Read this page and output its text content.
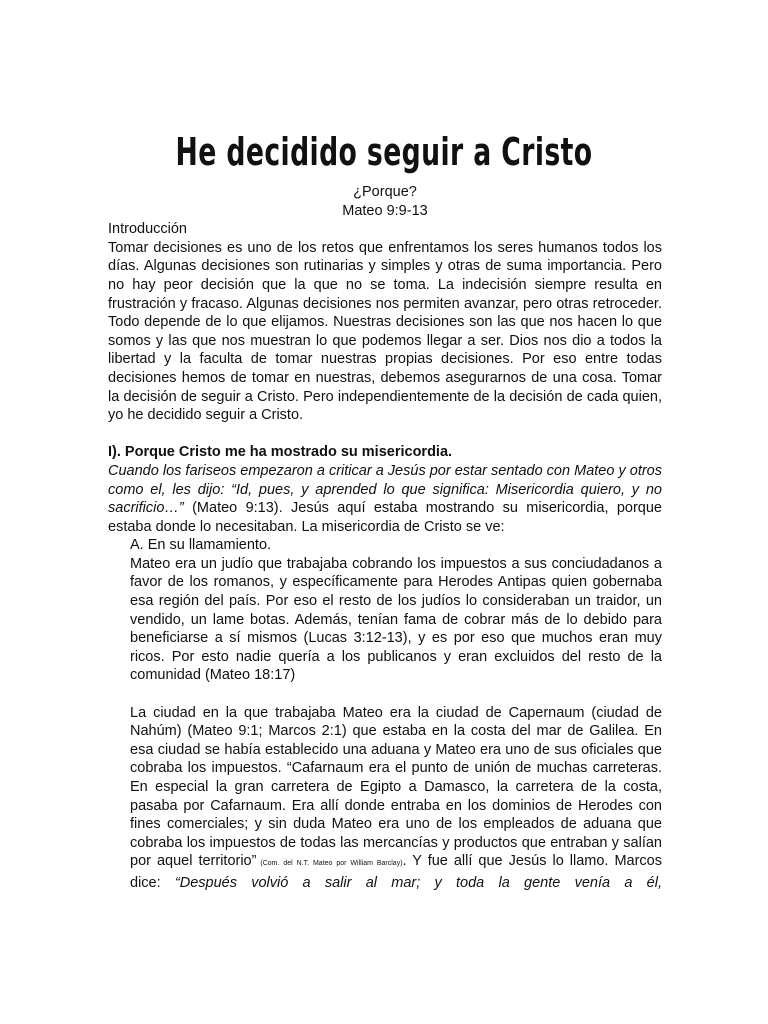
He decidido seguir a Cristo

¿Porque?

Mateo 9:9-13

Introducción

Tomar decisiones es uno de los retos que enfrentamos los seres humanos todos los días. Algunas decisiones son rutinarias y simples y otras de suma importancia. Pero no hay peor decisión que la que no se toma. La indecisión siempre resulta en frustración y fracaso. Algunas decisiones nos permiten avanzar, pero otras retroceder. Todo depende de lo que elijamos. Nuestras decisiones son las que nos hacen lo que somos y las que nos muestran lo que podemos llegar a ser. Dios nos dio a todos la libertad y la faculta de tomar nuestras propias decisiones. Por eso entre todas decisiones hemos de tomar en nuestras, debemos asegurarnos de una cosa. Tomar la decisión de seguir a Cristo. Pero independientemente de la decisión de cada quien, yo he decidido seguir a Cristo.

I). Porque Cristo me ha mostrado su misericordia.

Cuando los fariseos empezaron a criticar a Jesús por estar sentado con Mateo y otros como el, les dijo: “Id, pues, y aprended lo que significa: Misericordia quiero, y no sacrificio…” (Mateo 9:13). Jesús aquí estaba mostrando su misericordia, porque estaba donde lo necesitaban. La misericordia de Cristo se ve:

A. En su llamamiento.

Mateo era un judío que trabajaba cobrando los impuestos a sus conciudadanos a favor de los romanos, y específicamente para Herodes Antipas quien gobernaba esa región del país. Por eso el resto de los judíos lo consideraban un traidor, un vendido, un lame botas. Además, tenían fama de cobrar más de lo debido para beneficiarse a sí mismos (Lucas 3:12-13), y es por eso que muchos eran muy ricos. Por esto nadie quería a los publicanos y eran excluidos del resto de la comunidad (Mateo 18:17)

La ciudad en la que trabajaba Mateo era la ciudad de Capernaum (ciudad de Nahúm) (Mateo 9:1; Marcos 2:1) que estaba en la costa del mar de Galilea. En esa ciudad se había establecido una aduana y Mateo era uno de sus oficiales que cobraba los impuestos. “Cafarnaum era el punto de unión de muchas carreteras. En especial la gran carretera de Egipto a Damasco, la carretera de la costa, pasaba por Cafarnaum. Era allí donde entraba en los dominios de Herodes con fines comerciales; y sin duda Mateo era uno de los empleados de aduana que cobraba los impuestos de todas las mercancías y productos que entraban y salían por aquel territorio” (Com. del N.T. Mateo por William Barclay). Y fue allí que Jesús lo llamo. Marcos dice: “Después volvió a salir al mar; y toda la gente venía a él,
